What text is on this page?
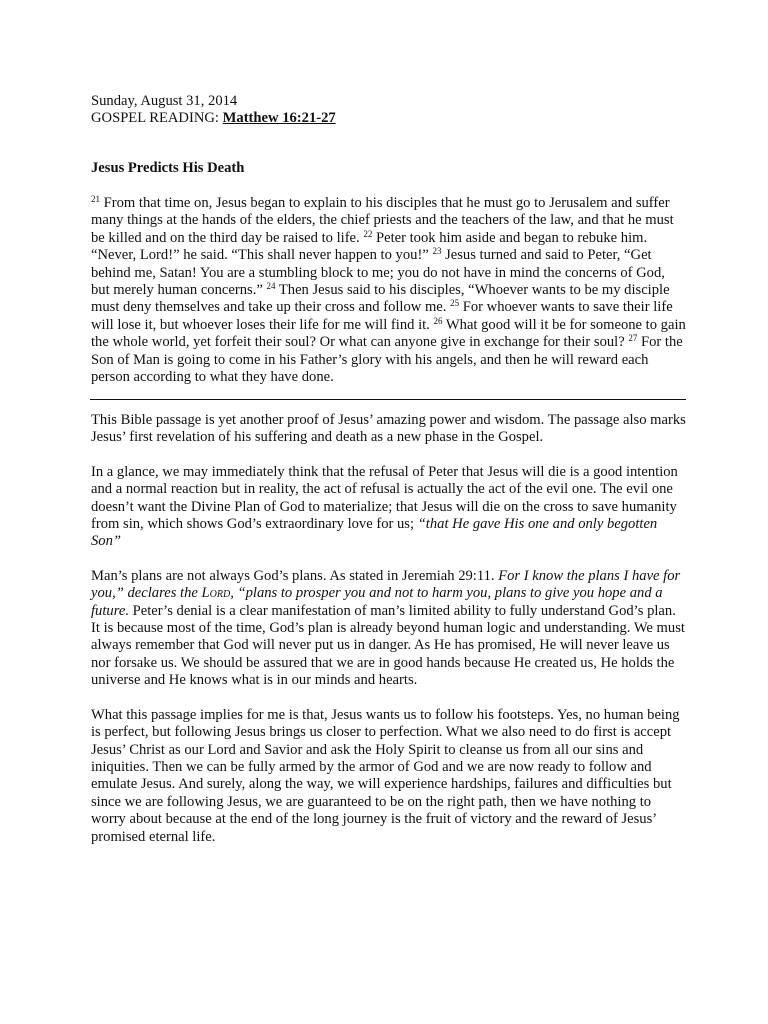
Sunday, August 31, 2014
GOSPEL READING: Matthew 16:21-27
Jesus Predicts His Death
$^{21}$ From that time on, Jesus began to explain to his disciples that he must go to Jerusalem and suffer many things at the hands of the elders, the chief priests and the teachers of the law, and that he must be killed and on the third day be raised to life. $^{22}$ Peter took him aside and began to rebuke him. “Never, Lord!” he said. “This shall never happen to you!” $^{23}$ Jesus turned and said to Peter, “Get behind me, Satan! You are a stumbling block to me; you do not have in mind the concerns of God, but merely human concerns.” $^{24}$ Then Jesus said to his disciples, “Whoever wants to be my disciple must deny themselves and take up their cross and follow me. $^{25}$ For whoever wants to save their life will lose it, but whoever loses their life for me will find it. $^{26}$ What good will it be for someone to gain the whole world, yet forfeit their soul? Or what can anyone give in exchange for their soul? $^{27}$ For the Son of Man is going to come in his Father’s glory with his angels, and then he will reward each person according to what they have done.

This Bible passage is yet another proof of Jesus’ amazing power and wisdom. The passage also marks Jesus’ first revelation of his suffering and death as a new phase in the Gospel.

In a glance, we may immediately think that the refusal of Peter that Jesus will die is a good intention and a normal reaction but in reality, the act of refusal is actually the act of the evil one. The evil one doesn’t want the Divine Plan of God to materialize; that Jesus will die on the cross to save humanity from sin, which shows God’s extraordinary love for us; “that He gave His one and only begotten Son”

Man’s plans are not always God’s plans. As stated in Jeremiah 29:11. For I know the plans I have for you,” declares the Lord, “plans to prosper you and not to harm you, plans to give you hope and a future. Peter’s denial is a clear manifestation of man’s limited ability to fully understand God’s plan. It is because most of the time, God’s plan is already beyond human logic and understanding. We must always remember that God will never put us in danger. As He has promised, He will never leave us nor forsake us. We should be assured that we are in good hands because He created us, He holds the universe and He knows what is in our minds and hearts.

What this passage implies for me is that, Jesus wants us to follow his footsteps. Yes, no human being is perfect, but following Jesus brings us closer to perfection. What we also need to do first is accept Jesus’ Christ as our Lord and Savior and ask the Holy Spirit to cleanse us from all our sins and iniquities. Then we can be fully armed by the armor of God and we are now ready to follow and emulate Jesus. And surely, along the way, we will experience hardships, failures and difficulties but since we are following Jesus, we are guaranteed to be on the right path, then we have nothing to worry about because at the end of the long journey is the fruit of victory and the reward of Jesus’ promised eternal life.
